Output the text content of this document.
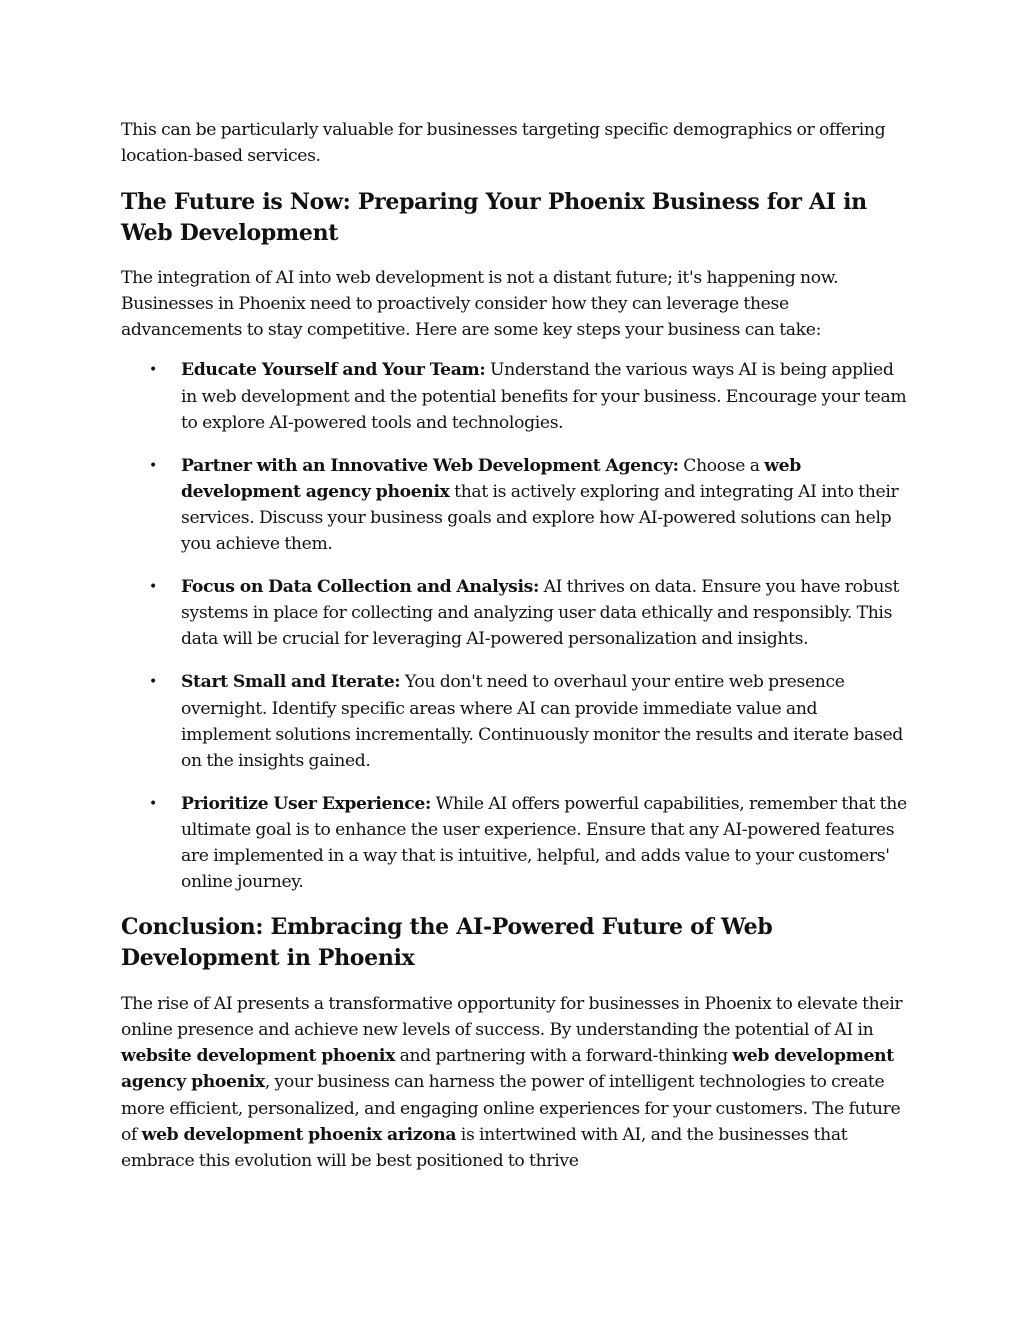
This can be particularly valuable for businesses targeting specific demographics or offering location-based services.

The Future is Now: Preparing Your Phoenix Business for AI in Web Development

The integration of AI into web development is not a distant future; it's happening now. Businesses in Phoenix need to proactively consider how they can leverage these advancements to stay competitive. Here are some key steps your business can take:

• Educate Yourself and Your Team: Understand the various ways AI is being applied in web development and the potential benefits for your business. Encourage your team to explore AI-powered tools and technologies.
• Partner with an Innovative Web Development Agency: Choose a web development agency phoenix that is actively exploring and integrating AI into their services. Discuss your business goals and explore how AI-powered solutions can help you achieve them.
• Focus on Data Collection and Analysis: AI thrives on data. Ensure you have robust systems in place for collecting and analyzing user data ethically and responsibly. This data will be crucial for leveraging AI-powered personalization and insights.
• Start Small and Iterate: You don't need to overhaul your entire web presence overnight. Identify specific areas where AI can provide immediate value and implement solutions incrementally. Continuously monitor the results and iterate based on the insights gained.
• Prioritize User Experience: While AI offers powerful capabilities, remember that the ultimate goal is to enhance the user experience. Ensure that any AI-powered features are implemented in a way that is intuitive, helpful, and adds value to your customers' online journey.
Conclusion: Embracing the AI-Powered Future of Web Development in Phoenix

The rise of AI presents a transformative opportunity for businesses in Phoenix to elevate their online presence and achieve new levels of success. By understanding the potential of AI in website development phoenix and partnering with a forward-thinking web development agency phoenix, your business can harness the power of intelligent technologies to create more efficient, personalized, and engaging online experiences for your customers. The future of web development phoenix arizona is intertwined with AI, and the businesses that embrace this evolution will be best positioned to thrive
